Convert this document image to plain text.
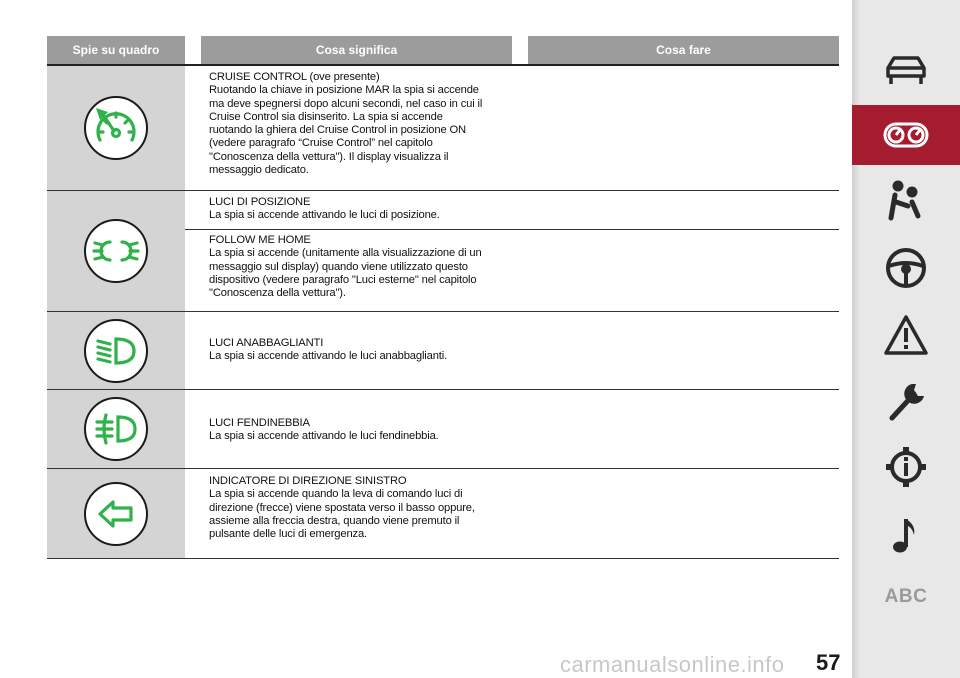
Spie su quadro	Cosa significa	Cosa fare
CRUISE CONTROL (ove presente)
Ruotando la chiave in posizione MAR la spia si accende
ma deve spegnersi dopo alcuni secondi, nel caso in cui il
Cruise Control sia disinserito. La spia si accende
ruotando la ghiera del Cruise Control in posizione ON
(vedere paragrafo “Cruise Control” nel capitolo
"Conoscenza della vettura"). Il display visualizza il
messaggio dedicato.
LUCI DI POSIZIONE
La spia si accende attivando le luci di posizione.
FOLLOW ME HOME
La spia si accende (unitamente alla visualizzazione di un
messaggio sul display) quando viene utilizzato questo
dispositivo (vedere paragrafo "Luci esterne" nel capitolo
"Conoscenza della vettura").
LUCI ANABBAGLIANTI
La spia si accende attivando le luci anabbaglianti.
LUCI FENDINEBBIA
La spia si accende attivando le luci fendinebbia.
INDICATORE DI DIREZIONE SINISTRO
La spia si accende quando la leva di comando luci di
direzione (frecce) viene spostata verso il basso oppure,
assieme alla freccia destra, quando viene premuto il
pulsante delle luci di emergenza.
ABC
carmanualsonline.info 57
